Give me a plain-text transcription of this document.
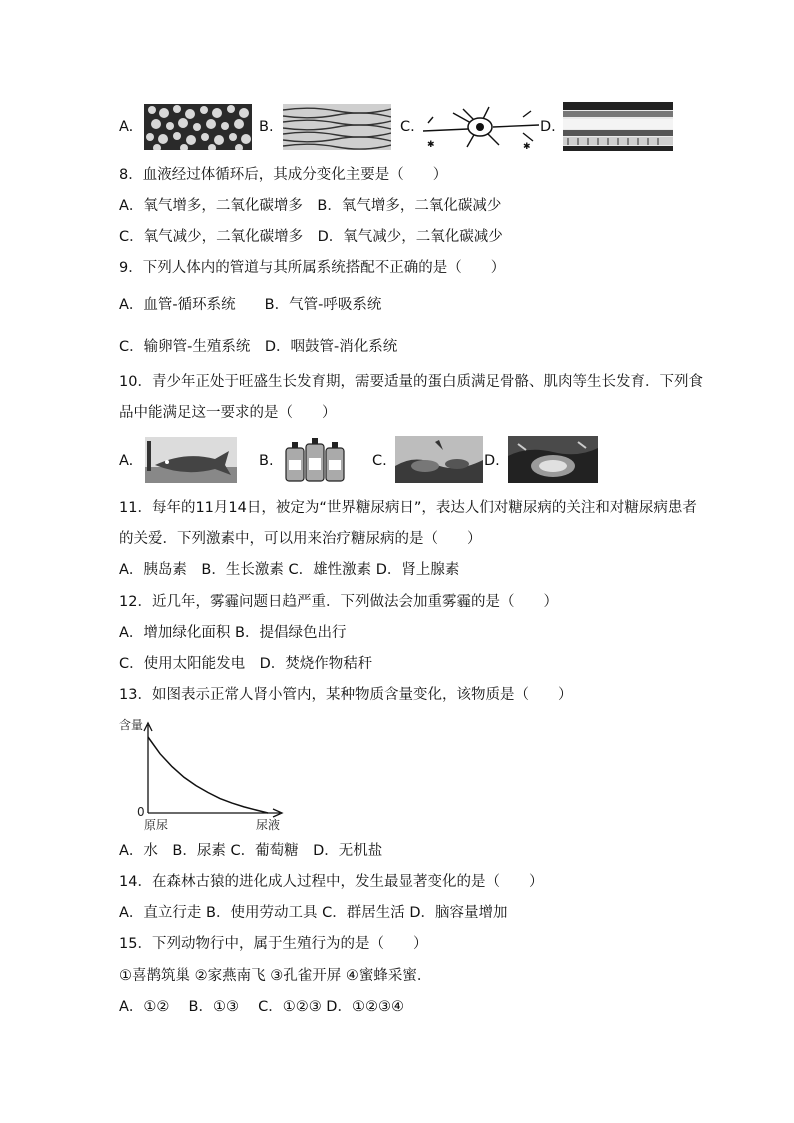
A.	B.	C.
✱	✱
D.
8．血液经过体循环后，其成分变化主要是（　　）
A．氧气增多，二氧化碳增多　B．氧气增多，二氧化碳减少
C．氧气减少，二氧化碳增多　D．氧气减少，二氧化碳减少
9．下列人体内的管道与其所属系统搭配不正确的是（　　）
A．血管-循环系统　　B．气管-呼吸系统
C．输卵管-生殖系统　D．咽鼓管-消化系统
10．青少年正处于旺盛生长发育期，需要适量的蛋白质满足骨骼、肌肉等生长发育．下列食
品中能满足这一要求的是（　　）
A.	B.	C.	D.
11．每年的11月14日，被定为“世界糖尿病日”，表达人们对糖尿病的关注和对糖尿病患者
的关爱．下列激素中，可以用来治疗糖尿病的是（　　）
A．胰岛素　B．生长激素 C．雄性激素 D．肾上腺素
12．近几年，雾霾问题日趋严重．下列做法会加重雾霾的是（　　）
A．增加绿化面积 B．提倡绿色出行
C．使用太阳能发电　D．焚烧作物秸秆
13．如图表示正常人肾小管内，某种物质含量变化，该物质是（　　）
含量
0
原尿	尿液
A．水　B．尿素 C．葡萄糖　D．无机盐
14．在森林古猿的进化成人过程中，发生最显著变化的是（　　）
A．直立行走 B．使用劳动工具 C．群居生活 D．脑容量增加
15．下列动物行中，属于生殖行为的是（　　）
①喜鹊筑巢 ②家燕南飞 ③孔雀开屏 ④蜜蜂采蜜．
A．①②　 B．①③　 C．①②③ D．①②③④
